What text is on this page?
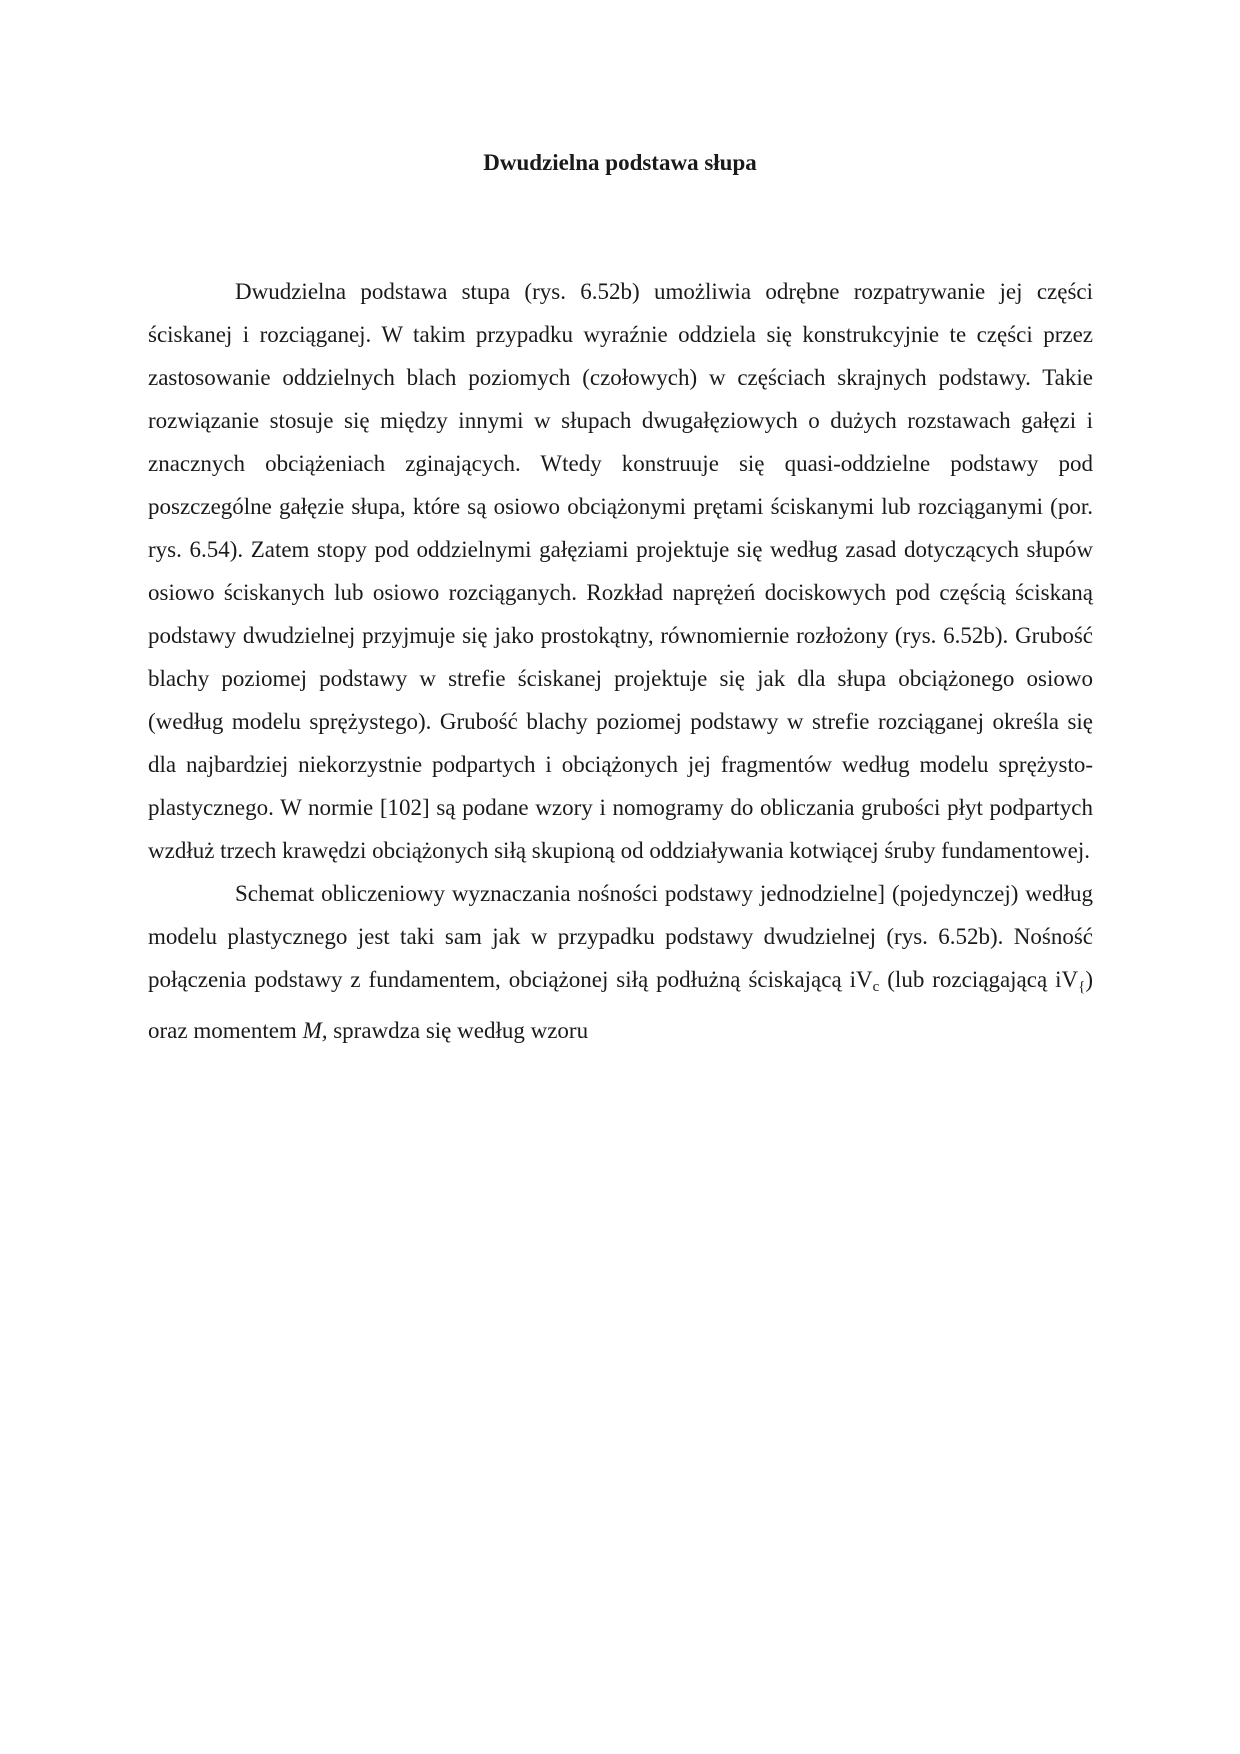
Dwudzielna podstawa słupa

Dwudzielna podstawa stupa (rys. 6.52b) umożliwia odrębne rozpatrywanie jej części ściskanej i rozciąganej. W takim przypadku wyraźnie oddziela się konstrukcyjnie te części przez zastosowanie oddzielnych blach poziomych (czołowych) w częściach skrajnych podstawy. Takie rozwiązanie stosuje się między innymi w słupach dwugałęziowych o dużych rozstawach gałęzi i znacznych obciążeniach zginających. Wtedy konstruuje się quasi-oddzielne podstawy pod poszczególne gałęzie słupa, które są osiowo obciążonymi prętami ściskanymi lub rozciąganymi (por. rys. 6.54). Zatem stopy pod oddzielnymi gałęziami projektuje się według zasad dotyczących słupów osiowo ściskanych lub osiowo rozciąganych. Rozkład naprężeń dociskowych pod częścią ściskaną podstawy dwudzielnej przyjmuje się jako prostokątny, równomiernie rozłożony (rys. 6.52b). Grubość blachy poziomej podstawy w strefie ściskanej projektuje się jak dla słupa obciążonego osiowo (według modelu sprężystego). Grubość blachy poziomej podstawy w strefie rozciąganej określa się dla najbardziej niekorzystnie podpartych i obciążonych jej fragmentów według modelu sprężysto-plastycznego. W normie [102] są podane wzory i nomogramy do obliczania grubości płyt podpartych wzdłuż trzech krawędzi obciążonych siłą skupioną od oddziaływania kotwiącej śruby fundamentowej.

Schemat obliczeniowy wyznaczania nośności podstawy jednodzielne] (pojedynczej) według modelu plastycznego jest taki sam jak w przypadku podstawy dwudzielnej (rys. 6.52b). Nośność połączenia podstawy z fundamentem, obciążonej siłą podłużną ściskającą $iV_c$ (lub rozciągającą $iV_{\{}$) oraz momentem M, sprawdza się według wzoru
